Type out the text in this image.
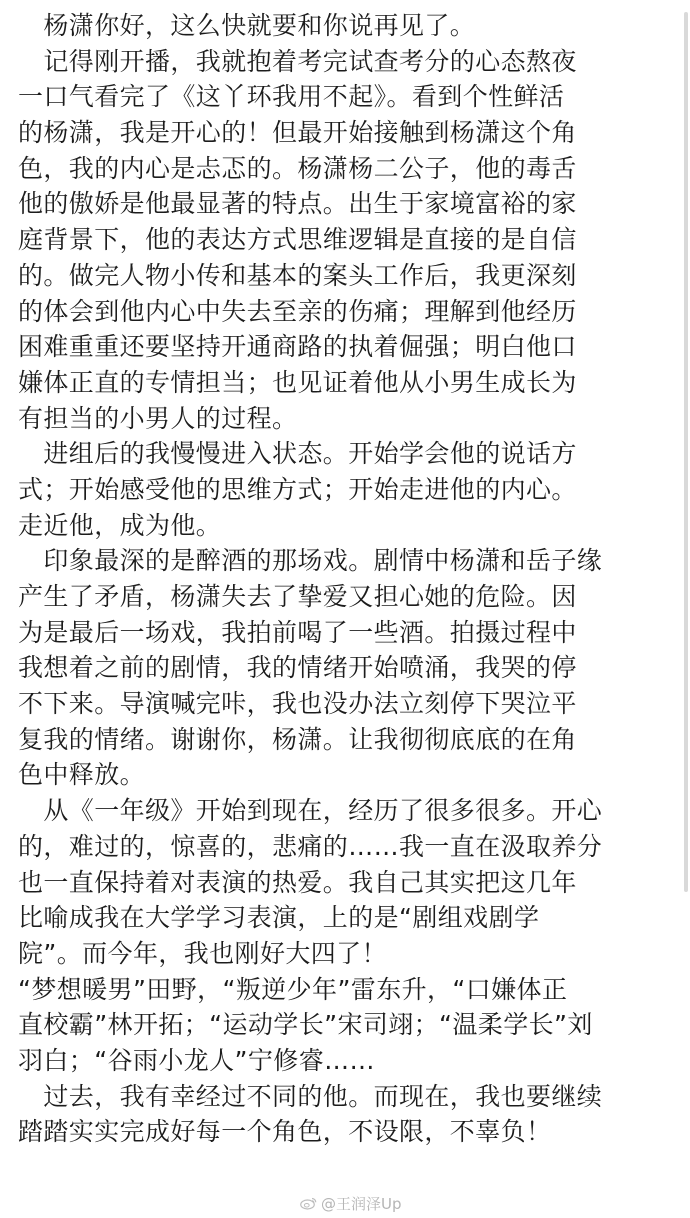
　杨潇你好，这么快就要和你说再见了。
　记得刚开播，我就抱着考完试查考分的心态熬夜
一口气看完了《这丫环我用不起》。看到个性鲜活
的杨潇，我是开心的！但最开始接触到杨潇这个角
色，我的内心是忐忑的。杨潇杨二公子，他的毒舌
他的傲娇是他最显著的特点。出生于家境富裕的家
庭背景下，他的表达方式思维逻辑是直接的是自信
的。做完人物小传和基本的案头工作后，我更深刻
的体会到他内心中失去至亲的伤痛；理解到他经历
困难重重还要坚持开通商路的执着倔强；明白他口
嫌体正直的专情担当；也见证着他从小男生成长为
有担当的小男人的过程。
　进组后的我慢慢进入状态。开始学会他的说话方
式；开始感受他的思维方式；开始走进他的内心。
走近他，成为他。
　印象最深的是醉酒的那场戏。剧情中杨潇和岳子缘
产生了矛盾，杨潇失去了挚爱又担心她的危险。因
为是最后一场戏，我拍前喝了一些酒。拍摄过程中
我想着之前的剧情，我的情绪开始喷涌，我哭的停
不下来。导演喊完咔，我也没办法立刻停下哭泣平
复我的情绪。谢谢你，杨潇。让我彻彻底底的在角
色中释放。
　从《一年级》开始到现在，经历了很多很多。开心
的，难过的，惊喜的，悲痛的……我一直在汲取养分
也一直保持着对表演的热爱。我自己其实把这几年
比喻成我在大学学习表演，上的是“剧组戏剧学
院”。而今年，我也刚好大四了！
“梦想暖男”田野，“叛逆少年”雷东升，“口嫌体正
直校霸”林开拓；“运动学长”宋司翊；“温柔学长”刘
羽白；“谷雨小龙人”宁修睿……
　过去，我有幸经过不同的他。而现在，我也要继续
踏踏实实完成好每一个角色，不设限，不辜负！
@王润泽Up
